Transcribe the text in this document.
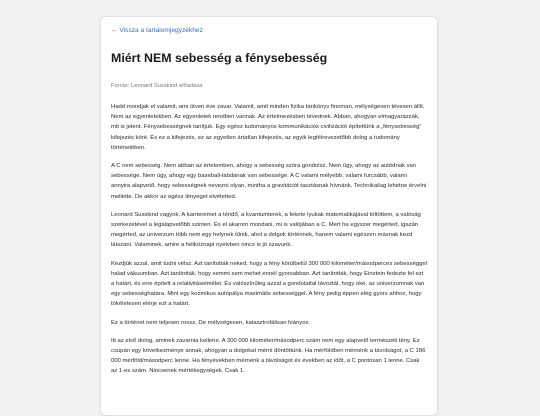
← Vissza a tartalomjegyzékhez
Miért NEM sebesség a fénysebesség
Forrás: Leonard Susskind előadása

Hadd mondjak el valamit, ami ötven éve zavar. Valamit, amit minden fizika tankönyv finoman, mélységesen tévesen állít. Nem az egyenletekben. Az egyenletek rendben vannak. Az értelmezésben tévednek. Abban, ahogyan elmagyarázzák, mit is jelent. Fénysebességnek tanítjuk. Egy egész tudományos kommunikációs civilizációt építettünk a „fénysebesség” kifejezés köré. És ez a kifejezés, ez az egyetlen ártatlan kifejezés, az egyik legfélrevezetőbb dolog a tudomány történetében.

A C nem sebesség. Nem abban az értelemben, ahogy a sebesség szóra gondolsz. Nem úgy, ahogy az autódnak van sebessége. Nem úgy, ahogy egy baseball-labdának van sebessége. A C valami mélyebb, valami furcsább, valami annyira alapvető, hogy sebességnek nevezni olyan, mintha a gravitációt tasztásnak hívnánk. Technikailag lehetne érvelni mellette. De akkor az egész lényeget elvétetted.

Leonard Susskind vagyok. A karrieremet a téridő, a kvantumterek, a fekete lyukak matematikájával töltöttem, a valóság szerkezetével a legalapvetőbb szinten. És el akarom mondani, mi is valójában a C. Mert ha egyszer megérted, igazán megérted, az univerzum több nem egy helynek tűnik, ahol a dolgok történnek, hanem valami egészen másnak kezd látszani. Valaminek, amire a hétköznapi nyelvben nincs is jó szavunk.

Kezdjük azzal, amit tudni vélsz. Azt tanították neked, hogy a fény körülbelül 300 000 kilométer/másodperces sebességgel halad vákuumban. Azt tanították, hogy semmi sem mehet ennél gyorsabban. Azt tanították, hogy Einstein fedezte fel ezt a határt, és erre épített a relativitáselmélet. És valószínűleg azzal a gondolattal távoztál, hogy oké, az univerzumnak van egy sebességhatára. Mint egy kozmikus autópálya maximális sebességgel. A fény pedig éppen elég gyors ahhoz, hogy tökéletesen elérje ezt a határt.

Ez a történet nem teljesen rossz. De mélységesen, katasztrofálisan hiányos.

Itt az első dolog, aminek zavarnia kellene. A 300 000 kilométer/másodperc szám nem egy alapvető természeti tény. Ez csupán egy következménye annak, ahogyan a dolgokat mérni döntöttünk. Ha mérföldben mérnénk a távolságot, a C 186 000 mérföld/másodperc lenne. Ha fényévekben mérnénk a távolságot és években az időt, a C pontosan 1 lenne. Csak az 1-es szám. Nincsenek mértékegységek. Csak 1.
